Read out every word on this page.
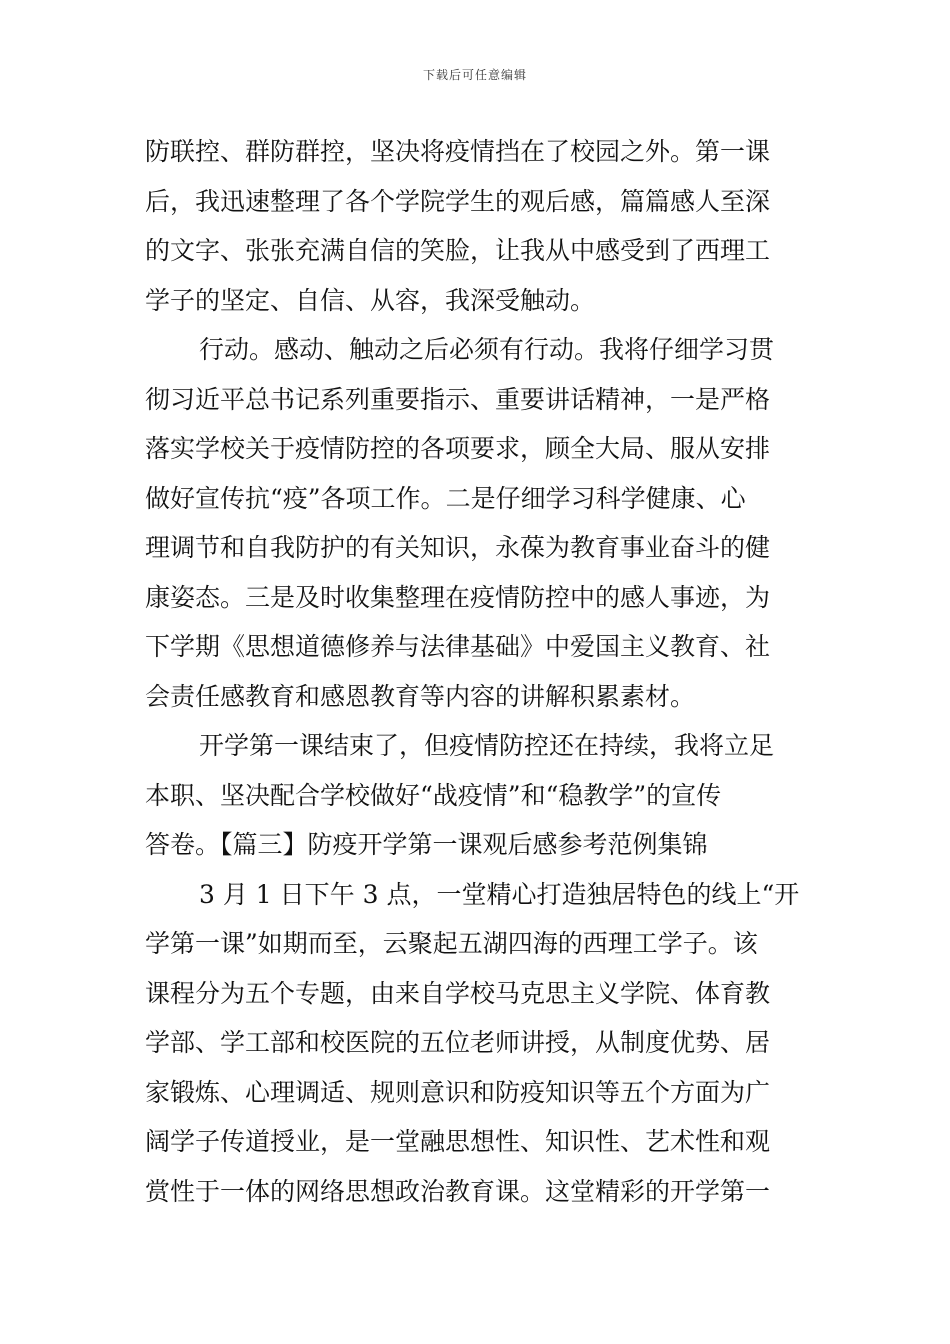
下载后可任意编辑
防联控、群防群控，坚决将疫情挡在了校园之外。第一课
后，我迅速整理了各个学院学生的观后感，篇篇感人至深
的文字、张张充满自信的笑脸，让我从中感受到了西理工
学子的坚定、自信、从容，我深受触动。
行动。感动、触动之后必须有行动。我将仔细学习贯
彻习近平总书记系列重要指示、重要讲话精神，一是严格
落实学校关于疫情防控的各项要求，顾全大局、服从安排
做好宣传抗“疫”各项工作。二是仔细学习科学健康、心
理调节和自我防护的有关知识，永葆为教育事业奋斗的健
康姿态。三是及时收集整理在疫情防控中的感人事迹，为
下学期《思想道德修养与法律基础》中爱国主义教育、社
会责任感教育和感恩教育等内容的讲解积累素材。
开学第一课结束了，但疫情防控还在持续，我将立足
本职、坚决配合学校做好“战疫情”和“稳教学”的宣传
答卷。【篇三】防疫开学第一课观后感参考范例集锦
3 月 1 日下午 3 点，一堂精心打造独居特色的线上“开
学第一课”如期而至，云聚起五湖四海的西理工学子。该
课程分为五个专题，由来自学校马克思主义学院、体育教
学部、学工部和校医院的五位老师讲授，从制度优势、居
家锻炼、心理调适、规则意识和防疫知识等五个方面为广
阔学子传道授业，是一堂融思想性、知识性、艺术性和观
赏性于一体的网络思想政治教育课。这堂精彩的开学第一
